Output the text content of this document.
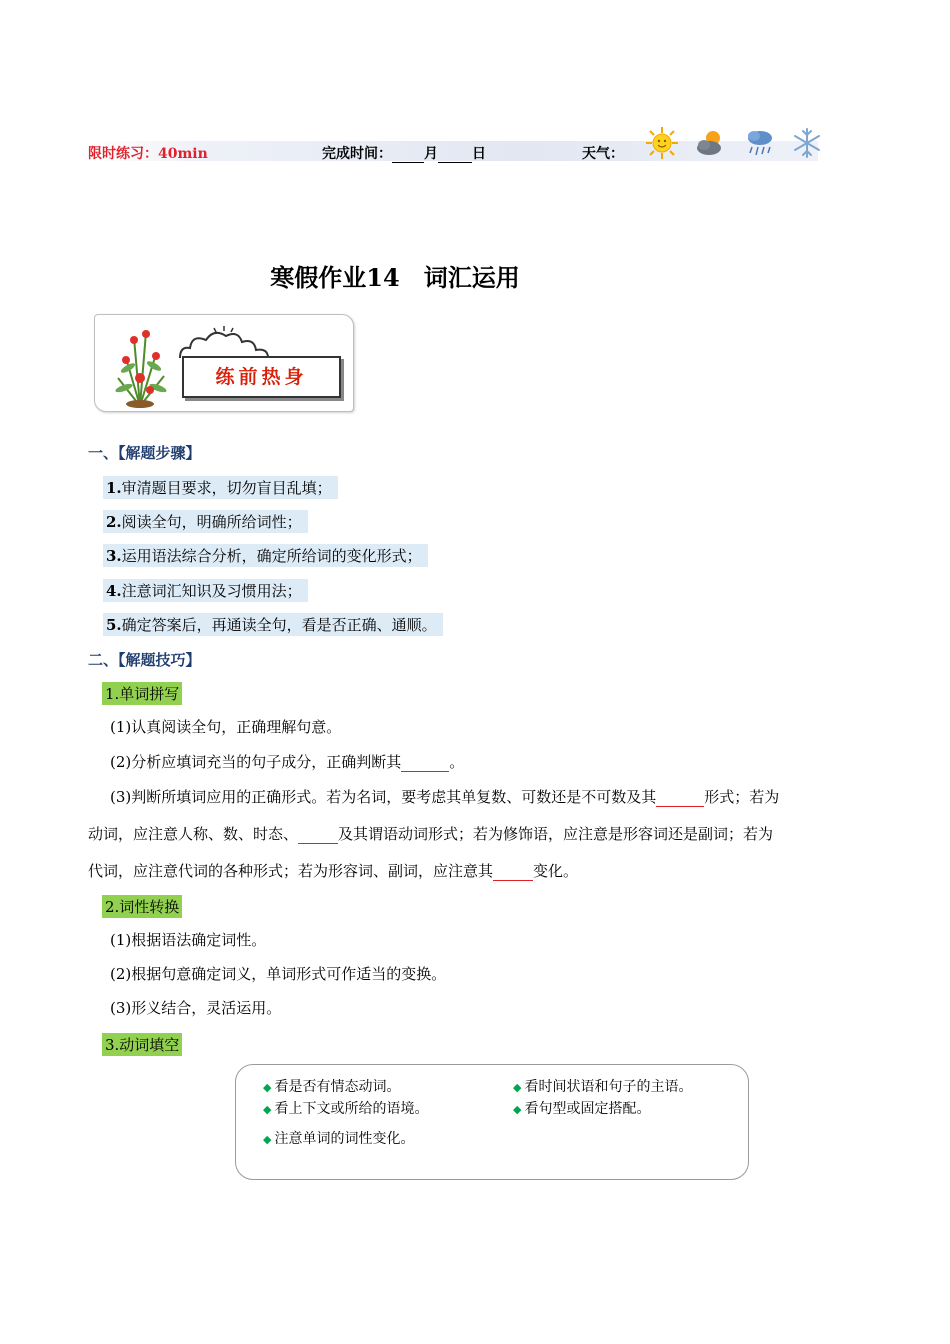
限时练习：40min	完成时间： 月 日	天气：
寒假作业14　词汇运用
练前热身
一、【解题步骤】
1.审清题目要求，切勿盲目乱填；
2.阅读全句，明确所给词性；
3.运用语法综合分析，确定所给词的变化形式；
4.注意词汇知识及习惯用法；
5.确定答案后，再通读全句，看是否正确、通顺。
二、【解题技巧】
1.单词拼写
(1)认真阅读全句，正确理解句意。
(2)分析应填词充当的句子成分，正确判断其	。
(3)判断所填词应用的正确形式。若为名词，要考虑其单复数、可数还是不可数及其	形式；若为
动词，应注意人称、数、时态、	及其谓语动词形式；若为修饰语，应注意是形容词还是副词；若为
代词，应注意代词的各种形式；若为形容词、副词，应注意其	变化。
2.词性转换
(1)根据语法确定词性。
(2)根据句意确定词义，单词形式可作适当的变换。
(3)形义结合，灵活运用。
3.动词填空
◆ 看是否有情态动词。	◆ 看时间状语和句子的主语。
◆ 看上下文或所给的语境。	◆ 看句型或固定搭配。
◆ 注意单词的词性变化。
